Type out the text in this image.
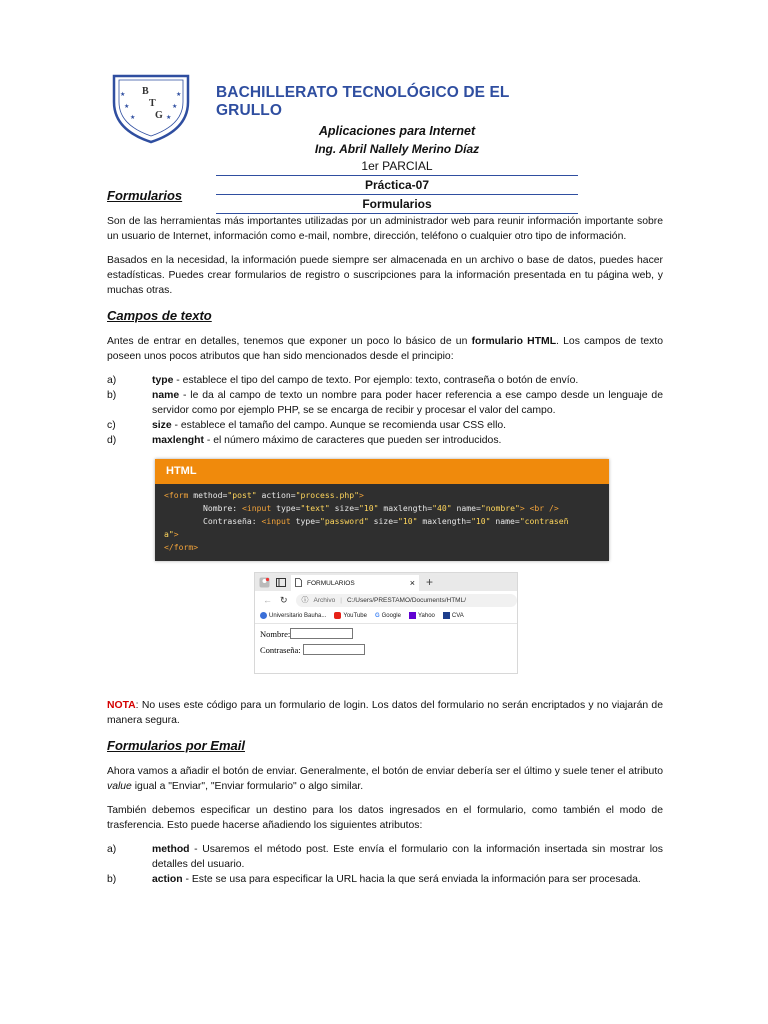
★	★
★	★
★	★
B
T
G
BACHILLERATO TECNOLÓGICO DE EL GRULLO
Aplicaciones para Internet
Ing. Abril Nallely Merino Díaz
1er PARCIAL
Práctica-07
Formularios
Formularios

Son de las herramientas más importantes utilizadas por un administrador web para reunir información importante sobre un usuario de Internet, información como e-mail, nombre, dirección, teléfono o cualquier otro tipo de información.

Basados en la necesidad, la información puede siempre ser almacenada en un archivo o base de datos, puedes hacer estadísticas. Puedes crear formularios de registro o suscripciones para la información presentada en tu página web, y muchas otras.

Campos de texto

Antes de entrar en detalles, tenemos que exponer un poco lo básico de un formulario HTML. Los campos de texto poseen unos pocos atributos que han sido mencionados desde el principio:

a)	type - establece el tipo del campo de texto. Por ejemplo: texto, contraseña o botón de envío.
b)	name - le da al campo de texto un nombre para poder hacer referencia a ese campo desde un lenguaje de servidor como por ejemplo PHP, se se encarga de recibir y procesar el valor del campo.
c)	size - establece el tamaño del campo. Aunque se recomienda usar CSS ello.
d)	maxlenght - el número máximo de caracteres que pueden ser introducidos.

NOTA: No uses este código para un formulario de login. Los datos del formulario no serán encriptados y no viajarán de manera segura.

Formularios por Email

Ahora vamos a añadir el botón de enviar. Generalmente, el botón de enviar debería ser el último y suele tener el atributo value igual a "Enviar", "Enviar formulario" o algo similar.

También debemos especificar un destino para los datos ingresados en el formulario, como también el modo de trasferencia. Esto puede hacerse añadiendo los siguientes atributos:

a)	method - Usaremos el método post. Este envía el formulario con la información insertada sin mostrar los detalles del usuario.
b)	action - Este se usa para especificar la URL hacia la que será enviada la información para ser procesada.
HTML
<form method="post" action="process.php">
Nombre: <input type="text" size="10" maxlength="40" name="nombre"> <br />
Contraseña: <input type="password" size="10" maxlength="10" name="contraseñ
a">
</form>
FORMULARIOS	× +
← ↻ ⓘ Archivo | C:/Users/PRESTAMO/Documents/HTML/
Universitario Bauha...	YouTube G Google	Yahoo	CVA
Nombre:
Contraseña:
